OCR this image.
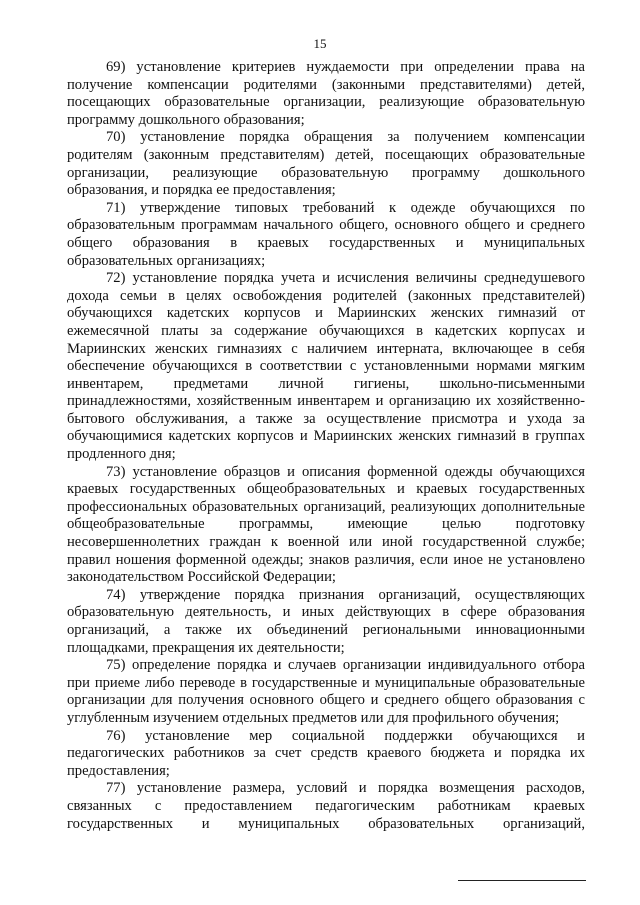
15

69) установление критериев нуждаемости при определении права на получение компенсации родителями (законными представителями) детей, посещающих образовательные организации, реализующие образовательную программу дошкольного образования;

70) установление порядка обращения за получением компенсации родителям (законным представителям) детей, посещающих образовательные организации, реализующие образовательную программу дошкольного образования, и порядка ее предоставления;

71) утверждение типовых требований к одежде обучающихся по образовательным программам начального общего, основного общего и среднего общего образования в краевых государственных и муниципальных образовательных организациях;

72) установление порядка учета и исчисления величины среднедушевого дохода семьи в целях освобождения родителей (законных представителей) обучающихся кадетских корпусов и Мариинских женских гимназий от ежемесячной платы за содержание обучающихся в кадетских корпусах и Мариинских женских гимназиях с наличием интерната, включающее в себя обеспечение обучающихся в соответствии с установленными нормами мягким инвентарем, предметами личной гигиены, школьно-письменными принадлежностями, хозяйственным инвентарем и организацию их хозяйственно-бытового обслуживания, а также за осуществление присмотра и ухода за обучающимися кадетских корпусов и Мариинских женских гимназий в группах продленного дня;

73) установление образцов и описания форменной одежды обучающихся краевых государственных общеобразовательных и краевых государственных профессиональных образовательных организаций, реализующих дополнительные общеобразовательные программы, имеющие целью подготовку несовершеннолетних граждан к военной или иной государственной службе; правил ношения форменной одежды; знаков различия, если иное не установлено законодательством Российской Федерации;

74) утверждение порядка признания организаций, осуществляющих образовательную деятельность, и иных действующих в сфере образования организаций, а также их объединений региональными инновационными площадками, прекращения их деятельности;

75) определение порядка и случаев организации индивидуального отбора при приеме либо переводе в государственные и муниципальные образовательные организации для получения основного общего и среднего общего образования с углубленным изучением отдельных предметов или для профильного обучения;

76) установление мер социальной поддержки обучающихся и педагогических работников за счет средств краевого бюджета и порядка их предоставления;

77) установление размера, условий и порядка возмещения расходов, связанных с предоставлением педагогическим работникам краевых государственных и муниципальных образовательных организаций,
